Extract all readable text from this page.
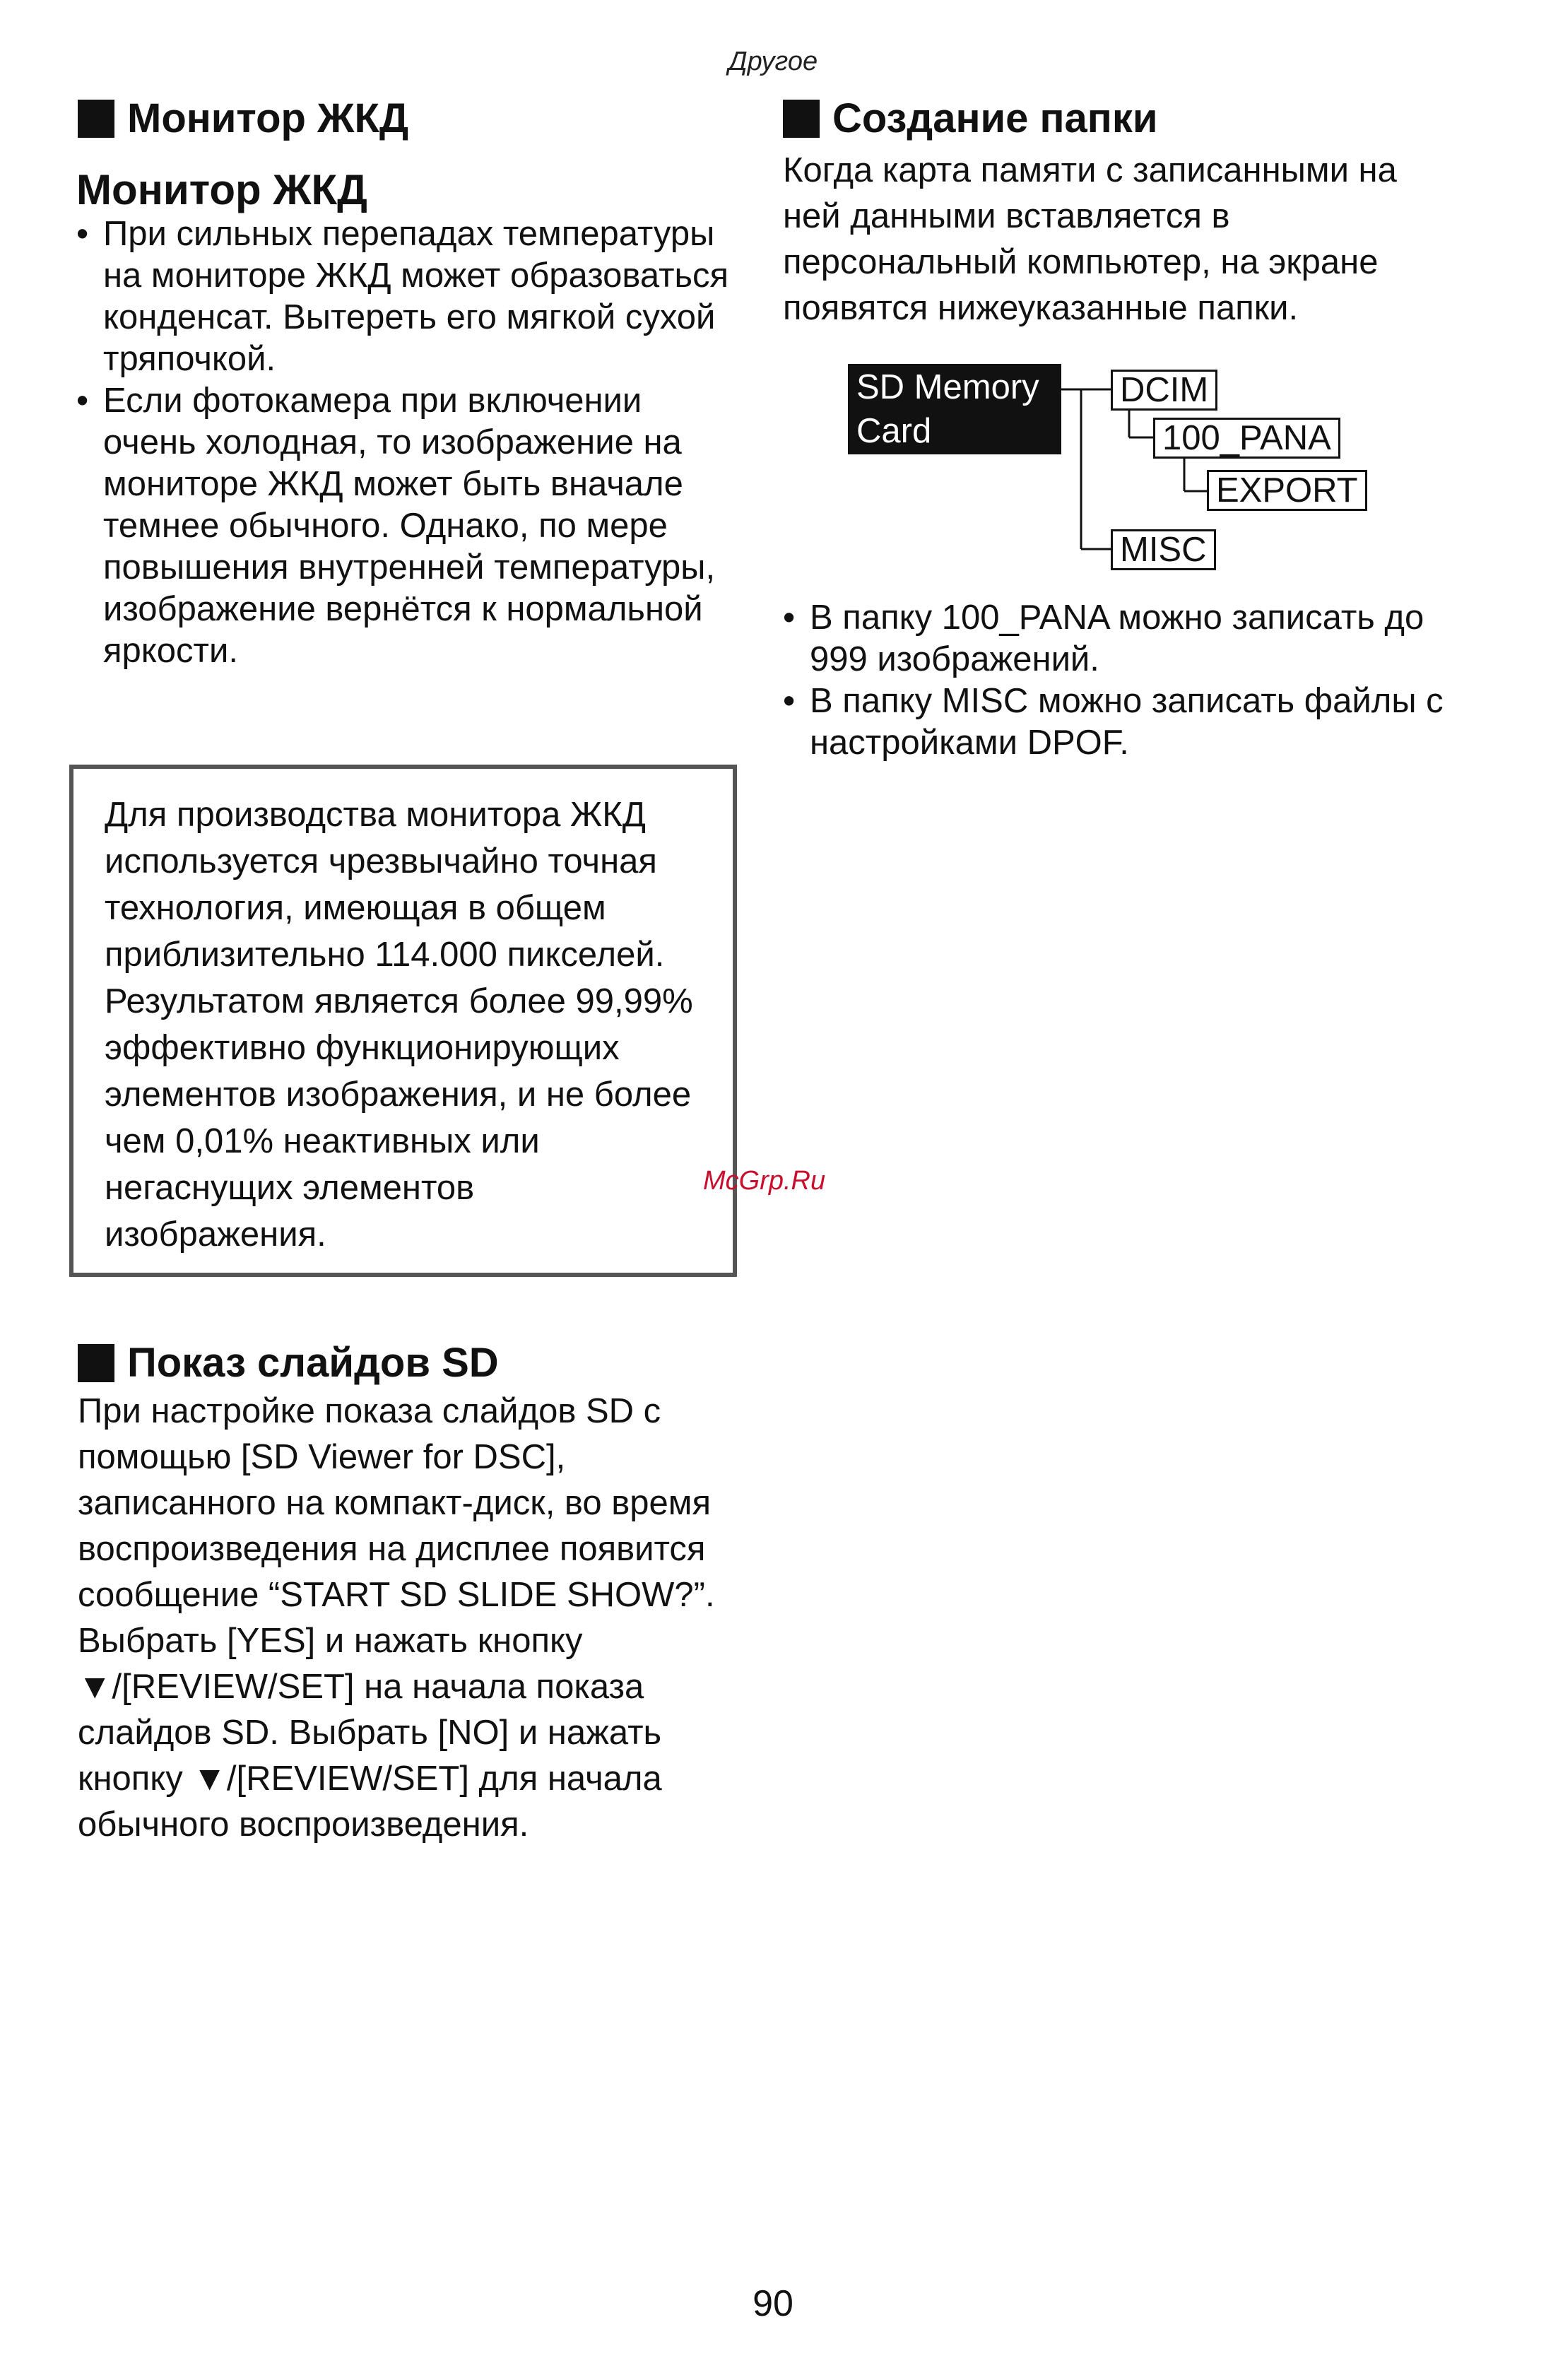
Другое
Монитор ЖКД
Монитор ЖКД
• При сильных перепадах температуры на мониторе ЖКД может образоваться конденсат. Вытереть его мягкой сухой тряпочкой.
• Если фотокамера при включении очень холодная, то изображение на мониторе ЖКД может быть вначале темнее обычного. Однако, по мере повышения внутренней температуры, изображение вернётся к нормальной яркости.
Для производства монитора ЖКД используется чрезвычайно точная технология, имеющая в общем приблизительно 114.000 пикселей. Результатом является более 99,99% эффективно функционирующих элементов изображения, и не более чем 0,01% неактивных или негаснущих элементов изображения.
McGrp.Ru
Показ слайдов SD
При настройке показа слайдов SD с помощью [SD Viewer for DSC], записанного на компакт-диск, во время воспроизведения на дисплее появится сообщение “START SD SLIDE SHOW?”. Выбрать [YES] и нажать кнопку ▼/[REVIEW/SET] на начала показа слайдов SD. Выбрать [NO] и нажать кнопку ▼/[REVIEW/SET] для начала обычного воспроизведения.
Создание папки
Когда карта памяти с записанными на ней данными вставляется в персональный компьютер, на экране появятся нижеуказанные папки.
SD Memory
Card
DCIM
100_PANA
EXPORT
MISC
• В папку 100_PANA можно записать до 999 изображений.
• В папку MISC можно записать файлы с настройками DPOF.
90
